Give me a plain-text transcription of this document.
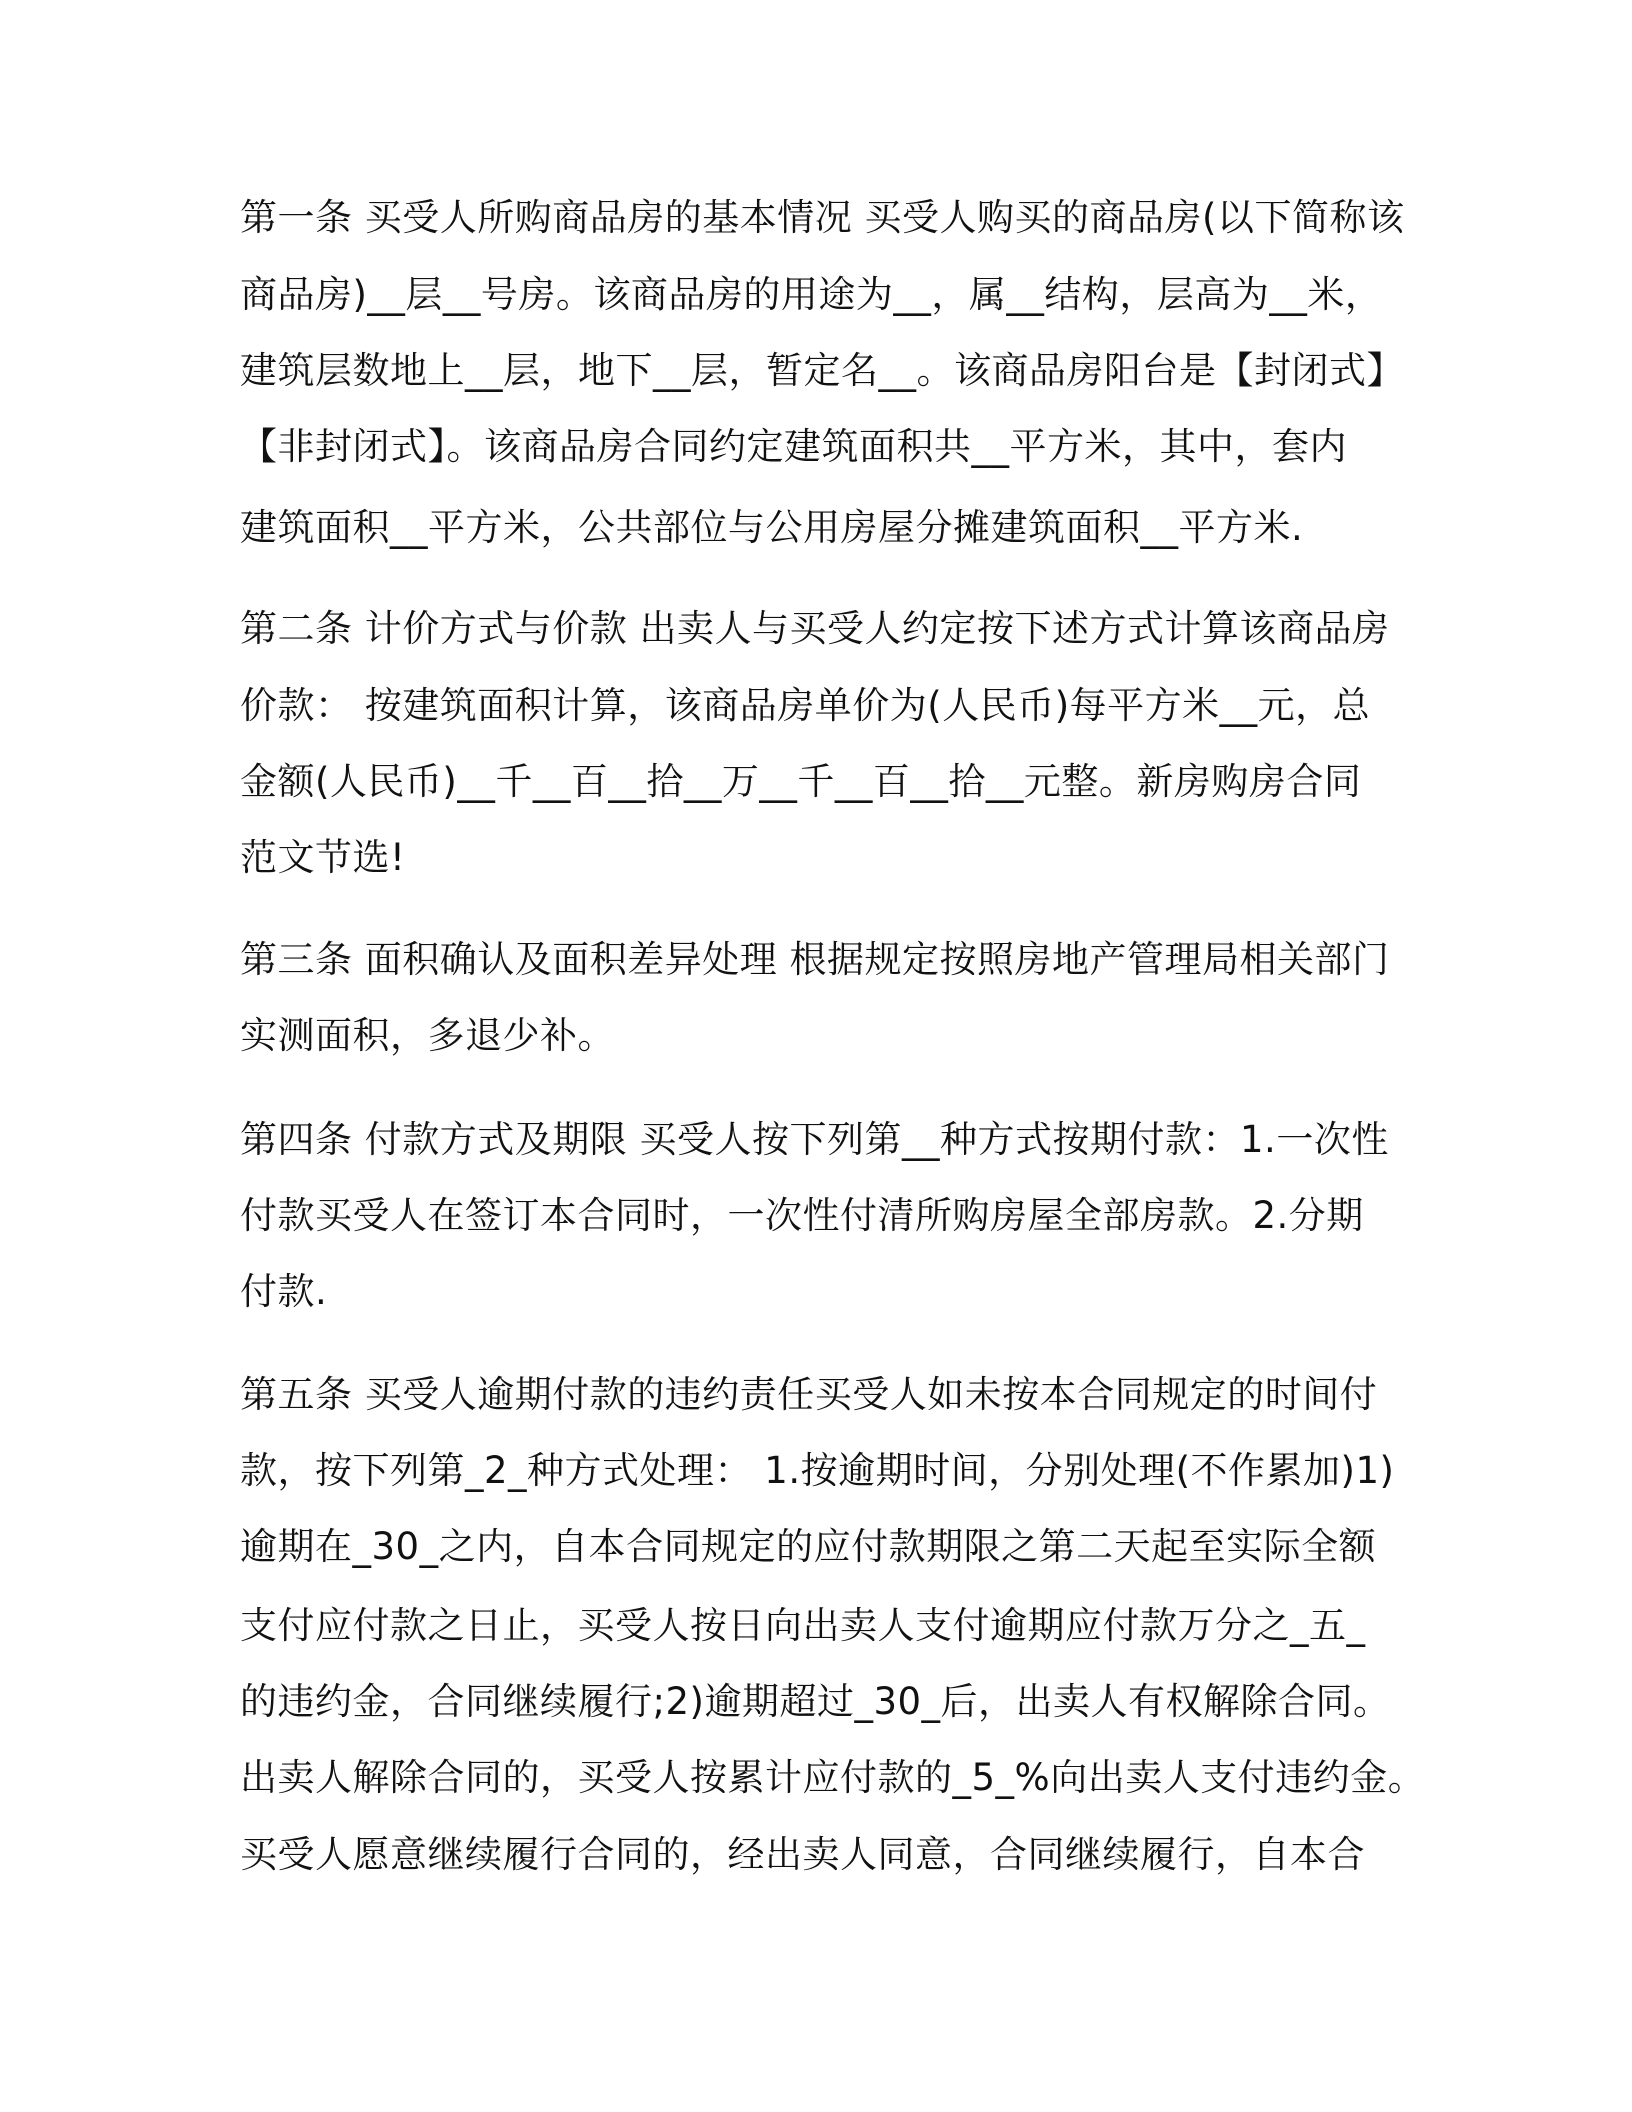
第一条 买受人所购商品房的基本情况 买受人购买的商品房(以下简称该
商品房)__层__号房。该商品房的用途为__，属__结构，层高为__米，
建筑层数地上__层，地下__层，暂定名__。该商品房阳台是【封闭式】
【非封闭式】。该商品房合同约定建筑面积共__平方米，其中，套内
建筑面积__平方米，公共部位与公用房屋分摊建筑面积__平方米.
第二条 计价方式与价款 出卖人与买受人约定按下述方式计算该商品房
价款： 按建筑面积计算，该商品房单价为(人民币)每平方米__元，总
金额(人民币)__千__百__拾__万__千__百__拾__元整。新房购房合同
范文节选!
第三条 面积确认及面积差异处理 根据规定按照房地产管理局相关部门
实测面积，多退少补。
第四条 付款方式及期限 买受人按下列第__种方式按期付款：1.一次性
付款买受人在签订本合同时，一次性付清所购房屋全部房款。2.分期
付款.
第五条 买受人逾期付款的违约责任买受人如未按本合同规定的时间付
款，按下列第_2_种方式处理： 1.按逾期时间，分别处理(不作累加)1)
逾期在_30_之内，自本合同规定的应付款期限之第二天起至实际全额
支付应付款之日止，买受人按日向出卖人支付逾期应付款万分之_五_
的违约金，合同继续履行;2)逾期超过_30_后，出卖人有权解除合同。
出卖人解除合同的，买受人按累计应付款的_5_%向出卖人支付违约金。
买受人愿意继续履行合同的，经出卖人同意，合同继续履行，自本合
